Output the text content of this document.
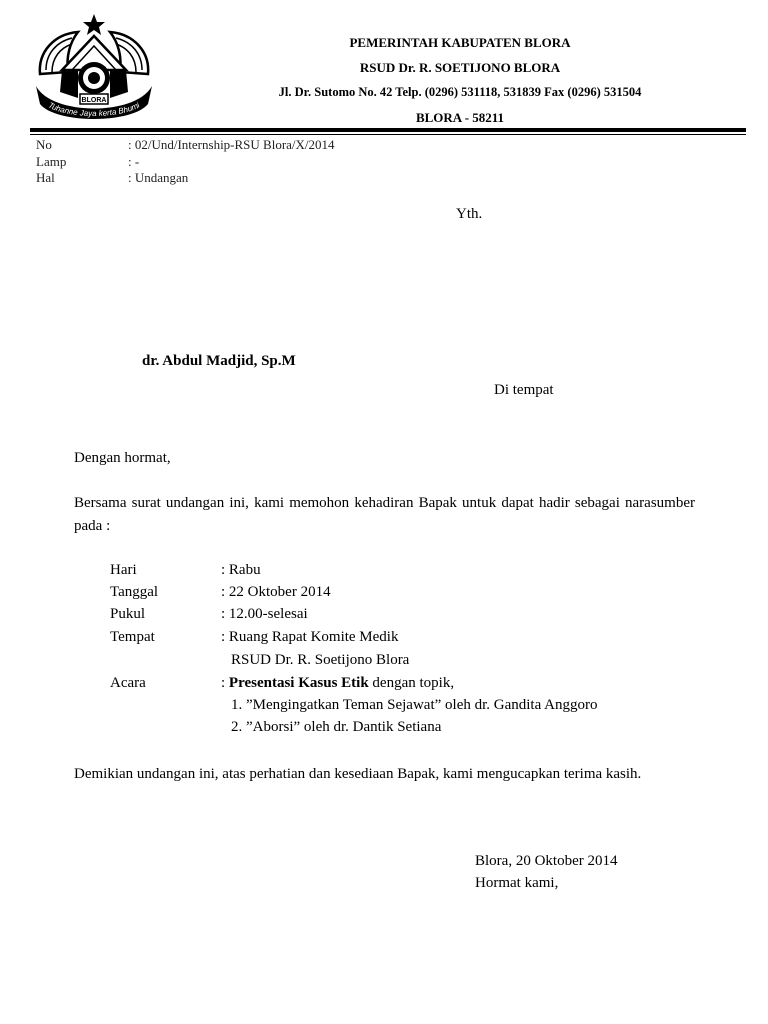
BLORA
Tuhanne Jaya kerta Bhumi
PEMERINTAH KABUPATEN BLORA
RSUD Dr. R. SOETIJONO BLORA
Jl. Dr. Sutomo No. 42 Telp. (0296) 531118, 531839 Fax (0296) 531504
BLORA - 58211
No	: 02/Und/Internship-RSU Blora/X/2014
Lamp	: -
Hal	: Undangan
Yth.
dr. Abdul Madjid, Sp.M
Di tempat
Dengan hormat,
Bersama surat undangan ini, kami memohon kehadiran Bapak untuk dapat hadir sebagai narasumber pada :
Hari	: Rabu
Tanggal	: 22 Oktober 2014
Pukul	: 12.00-selesai
Tempat	: Ruang Rapat Komite Medik
RSUD Dr. R. Soetijono Blora
Acara	: Presentasi Kasus Etik dengan topik,
1. ”Mengingatkan Teman Sejawat” oleh dr. Gandita Anggoro
2. ”Aborsi” oleh dr. Dantik Setiana
Demikian undangan ini, atas perhatian dan kesediaan Bapak, kami mengucapkan terima kasih.
Blora, 20 Oktober 2014
Hormat kami,
